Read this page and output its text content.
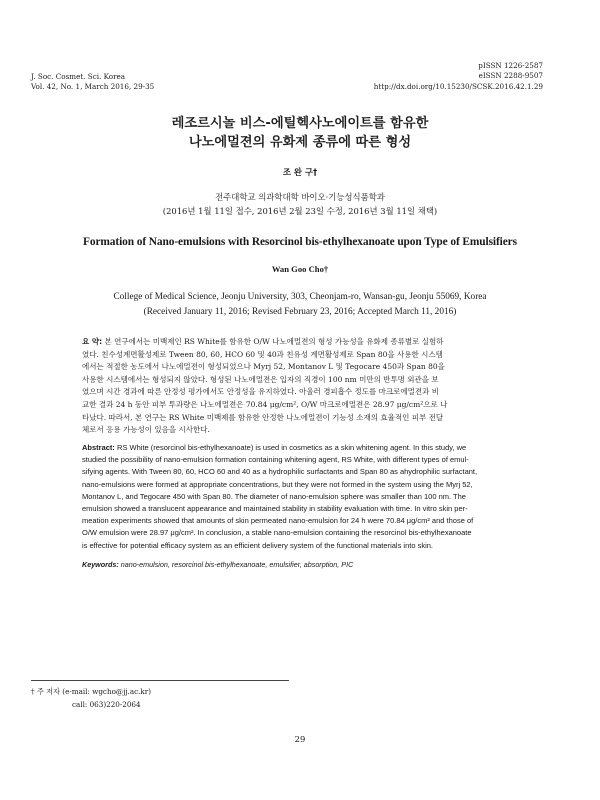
J. Soc. Cosmet. Sci. Korea
Vol. 42, No. 1, March 2016, 29-35
pISSN 1226-2587
eISSN 2288-9507
http://dx.doi.org/10.15230/SCSK.2016.42.1.29
레조르시놀 비스-에틸헥사노에이트를 함유한
나노에멀젼의 유화제 종류에 따른 형성
조 완 구†
전주대학교 의과학대학 바이오·기능성식품학과
(2016년 1월 11일 접수, 2016년 2월 23일 수정, 2016년 3월 11일 채택)
Formation of Nano-emulsions with Resorcinol bis-ethylhexanoate upon Type of Emulsifiers
Wan Goo Cho†
College of Medical Science, Jeonju University, 303, Cheonjam-ro, Wansan-gu, Jeonju 55069, Korea
(Received January 11, 2016; Revised February 23, 2016; Accepted March 11, 2016)
요 약: 본 연구에서는 미백제인 RS White를 함유한 O/W 나노에멀젼의 형성 가능성을 유화제 종류별로 실험하
였다. 친수성계면활성제로 Tween 80, 60, HCO 60 및 40과 친유성 계면활성제로 Span 80을 사용한 시스템
에서는 적절한 농도에서 나노에멀젼이 형성되었으나 Myrj 52, Montanov L 및 Tegocare 450과 Span 80을
사용한 시스템에서는 형성되지 않았다. 형성된 나노에멀젼은 입자의 직경이 100 nm 미만의 반투명 외관을 보
였으며 시간 경과에 따른 안정성 평가에서도 안정성을 유지하였다. 아울러 경피흡수 정도를 마크로에멀젼과 비
교한 결과 24 h 동안 피부 투과량은 나노에멀젼은 70.84 μg/cm², O/W 마크로에멀젼은 28.97 μg/cm²으로 나
타났다. 따라서, 본 연구는 RS White 미백제를 함유한 안정한 나노에멀젼이 기능성 소재의 효율적인 피부 전달
체로서 응용 가능성이 있음을 시사한다.
Abstract: RS White (resorcinol bis-ethylhexanoate) is used in cosmetics as a skin whitening agent. In this study, we
studied the possibility of nano-emulsion formation containing whitening agent, RS White, with different types of emul-
sifying agents. With Tween 80, 60, HCO 60 and 40 as a hydrophilic surfactants and Span 80 as ahydrophilic surfactant,
nano-emulsions were formed at appropriate concentrations, but they were not formed in the system using the Myrj 52,
Montanov L, and Tegocare 450 with Span 80. The diameter of nano-emulsion sphere was smaller than 100 nm. The
emulsion showed a translucent appearance and maintained stability in stability evaluation with time. In vitro skin per-
meation experiments showed that amounts of skin permeated nano-emulsion for 24 h were 70.84 μg/cm² and those of
O/W emulsion were 28.97 μg/cm². In conclusion, a stable nano-emulsion containing the resorcinol bis-ethylhexanoate
is effective for potential efficacy system as an efficient delivery system of the functional materials into skin.
Keywords: nano-emulsion, resorcinol bis-ethylhexanoate, emulsifier, absorption, PIC
† 주 저자 (e-mail: wgcho@jj.ac.kr)
call: 063)220-2064
29
